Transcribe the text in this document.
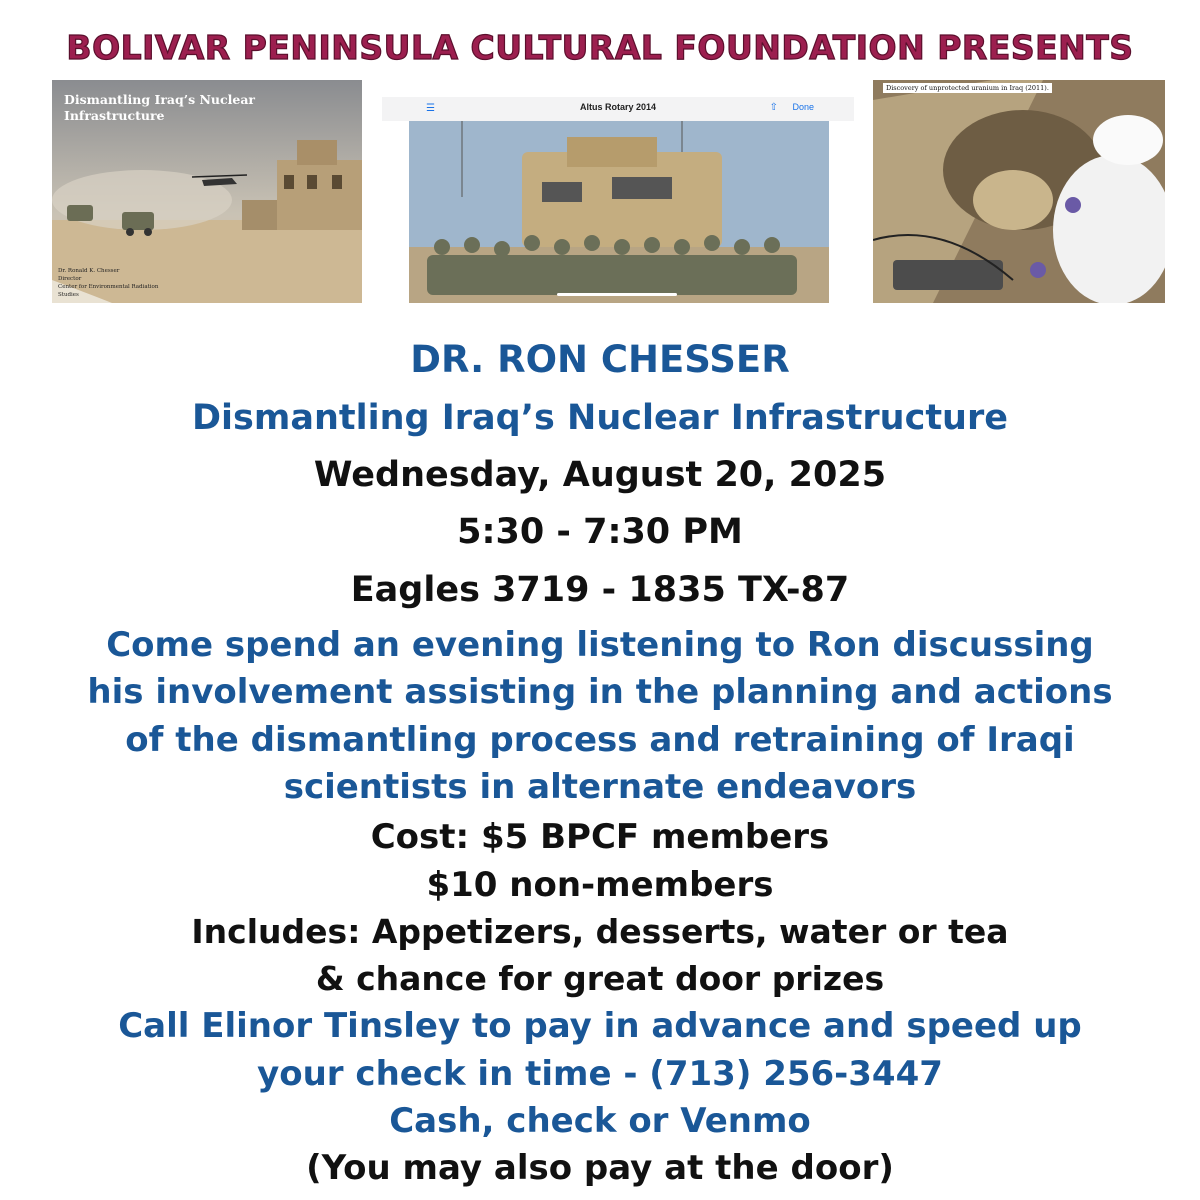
BOLIVAR PENINSULA CULTURAL FOUNDATION PRESENTS
Dismantling Iraq’s Nuclear
Infrastructure
Dr. Ronald K. Chesser
Director
Center for Environmental Radiation
Studies
☰	Altus Rotary 2014	⇧ Done
Discovery of unprotected uranium in Iraq (2011).
DR. RON CHESSER
Dismantling Iraq’s Nuclear Infrastructure
Wednesday, August 20, 2025
5:30 - 7:30 PM
Eagles 3719 - 1835 TX-87
Come spend an evening listening to Ron discussing
his involvement assisting in the planning and actions
of the dismantling process and retraining of Iraqi
scientists in alternate endeavors
Cost: $5 BPCF members
$10 non-members
Includes: Appetizers, desserts, water or tea
& chance for great door prizes
Call Elinor Tinsley to pay in advance and speed up
your check in time - (713) 256-3447
Cash, check or Venmo
(You may also pay at the door)
